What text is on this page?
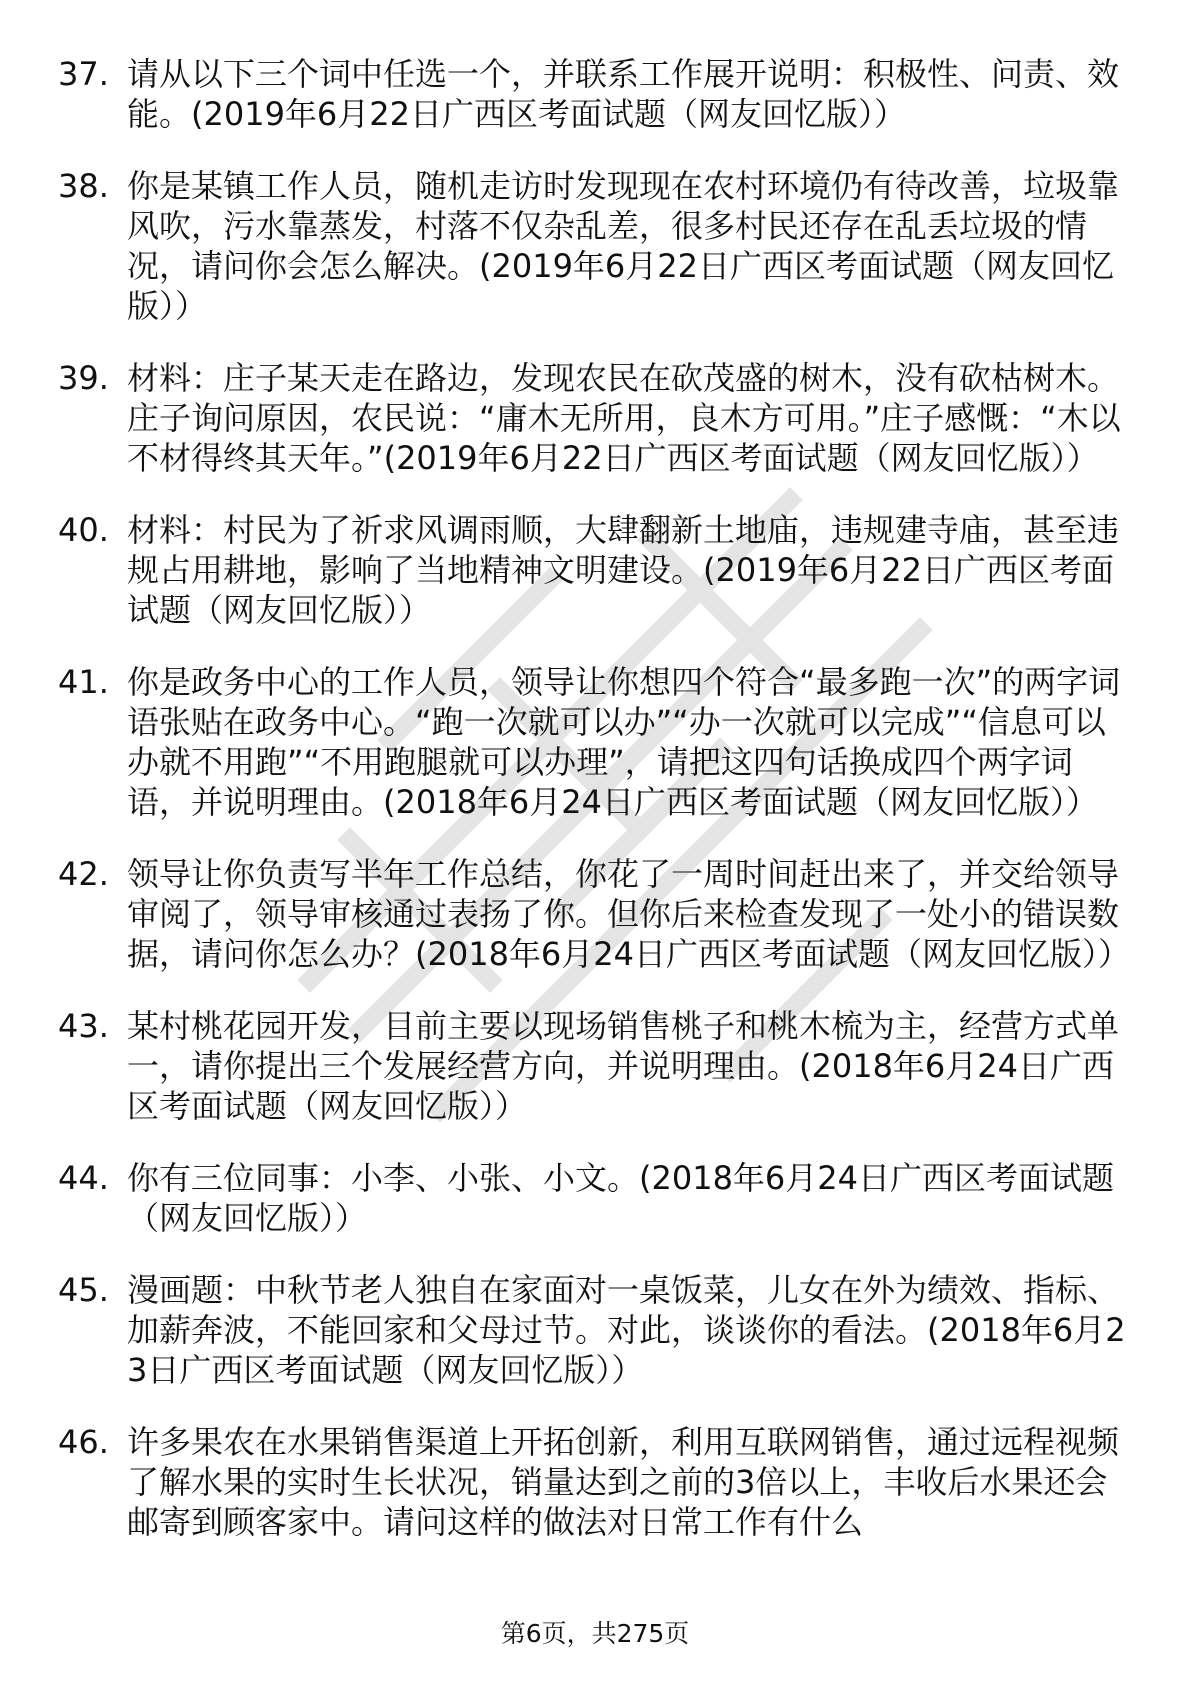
37. 请从以下三个词中任选一个，并联系工作展开说明：积极性、问责、效能。(2019年6月22日广西区考面试题（网友回忆版））
38. 你是某镇工作人员，随机走访时发现现在农村环境仍有待改善，垃圾靠风吹，污水靠蒸发，村落不仅杂乱差，很多村民还存在乱丢垃圾的情况，请问你会怎么解决。(2019年6月22日广西区考面试题（网友回忆版））
39. 材料：庄子某天走在路边，发现农民在砍茂盛的树木，没有砍枯树木。庄子询问原因，农民说：“庸木无所用，良木方可用。”庄子感慨：“木以不材得终其天年。”(2019年6月22日广西区考面试题（网友回忆版））
40. 材料：村民为了祈求风调雨顺，大肆翻新土地庙，违规建寺庙，甚至违规占用耕地，影响了当地精神文明建设。(2019年6月22日广西区考面试题（网友回忆版））
41. 你是政务中心的工作人员，领导让你想四个符合“最多跑一次”的两字词语张贴在政务中心。“跑一次就可以办”“办一次就可以完成”“信息可以办就不用跑”“不用跑腿就可以办理”，请把这四句话换成四个两字词语，并说明理由。(2018年6月24日广西区考面试题（网友回忆版））
42. 领导让你负责写半年工作总结，你花了一周时间赶出来了，并交给领导审阅了，领导审核通过表扬了你。但你后来检查发现了一处小的错误数据，请问你怎么办？(2018年6月24日广西区考面试题（网友回忆版））
43. 某村桃花园开发，目前主要以现场销售桃子和桃木梳为主，经营方式单一，请你提出三个发展经营方向，并说明理由。(2018年6月24日广西区考面试题（网友回忆版））
44. 你有三位同事：小李、小张、小文。(2018年6月24日广西区考面试题（网友回忆版））
45. 漫画题：中秋节老人独自在家面对一桌饭菜，儿女在外为绩效、指标、加薪奔波，不能回家和父母过节。对此，谈谈你的看法。(2018年6月23日广西区考面试题（网友回忆版））
46. 许多果农在水果销售渠道上开拓创新，利用互联网销售，通过远程视频了解水果的实时生长状况，销量达到之前的3倍以上，丰收后水果还会邮寄到顾客家中。请问这样的做法对日常工作有什么
第6页，共275页
